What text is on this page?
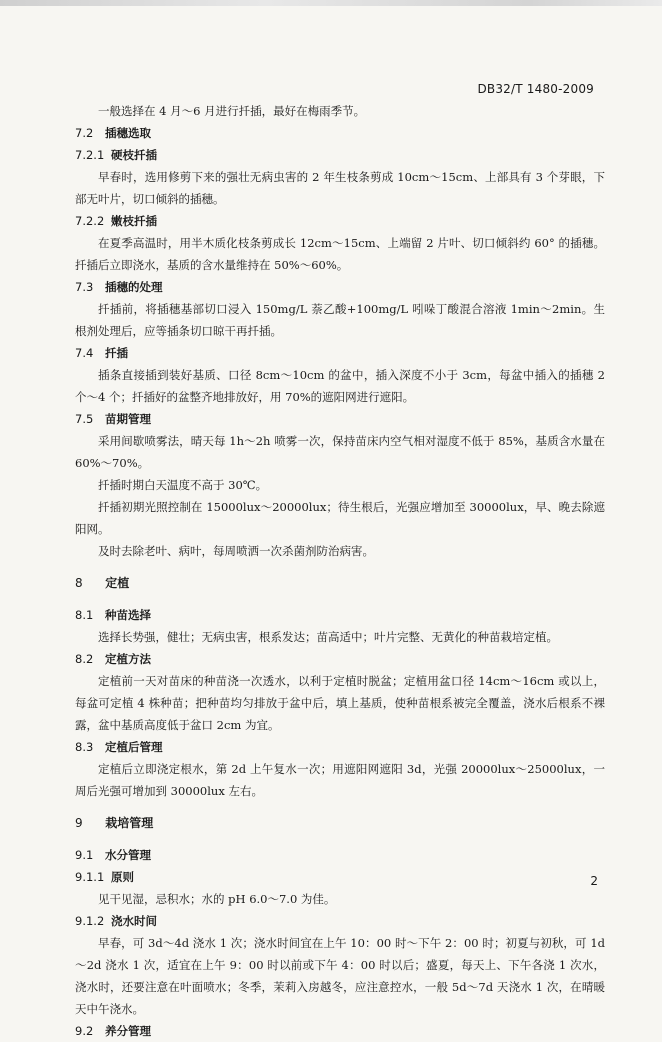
DB32/T 1480-2009
一般选择在 4 月～6 月进行扦插，最好在梅雨季节。
7.2 插穗选取
7.2.1 硬枝扦插
早春时，选用修剪下来的强壮无病虫害的 2 年生枝条剪成 10cm～15cm、上部具有 3 个芽眼，下部无叶片，切口倾斜的插穗。
7.2.2 嫩枝扦插
在夏季高温时，用半木质化枝条剪成长 12cm～15cm、上端留 2 片叶、切口倾斜约 60° 的插穗。扦插后立即浇水，基质的含水量维持在 50%～60%。
7.3 插穗的处理
扦插前，将插穗基部切口浸入 150mg/L 萘乙酸+100mg/L 吲哚丁酸混合溶液 1min～2min。生根剂处理后，应等插条切口晾干再扦插。
7.4 扦插
插条直接插到装好基质、口径 8cm～10cm 的盆中，插入深度不小于 3cm，每盆中插入的插穗 2 个～4 个；扦插好的盆整齐地排放好，用 70%的遮阳网进行遮阳。
7.5 苗期管理
采用间歇喷雾法，晴天每 1h～2h 喷雾一次，保持苗床内空气相对湿度不低于 85%，基质含水量在 60%～70%。
扦插时期白天温度不高于 30℃。
扦插初期光照控制在 15000lux～20000lux；待生根后，光强应增加至 30000lux，早、晚去除遮阳网。
及时去除老叶、病叶，每周喷洒一次杀菌剂防治病害。
8 定植
8.1 种苗选择
选择长势强，健壮；无病虫害，根系发达；苗高适中；叶片完整、无黄化的种苗栽培定植。
8.2 定植方法
定植前一天对苗床的种苗浇一次透水，以利于定植时脱盆；定植用盆口径 14cm～16cm 或以上，每盆可定植 4 株种苗；把种苗均匀排放于盆中后，填上基质，使种苗根系被完全覆盖，浇水后根系不裸露，盆中基质高度低于盆口 2cm 为宜。
8.3 定植后管理
定植后立即浇定根水，第 2d 上午复水一次；用遮阳网遮阳 3d，光强 20000lux～25000lux，一周后光强可增加到 30000lux 左右。
9 栽培管理
9.1 水分管理
9.1.1 原则
见干见湿，忌积水；水的 pH 6.0～7.0 为佳。
9.1.2 浇水时间
早春，可 3d～4d 浇水 1 次；浇水时间宜在上午 10：00 时～下午 2：00 时；初夏与初秋，可 1d～2d 浇水 1 次，适宜在上午 9：00 时以前或下午 4：00 时以后；盛夏，每天上、下午各浇 1 次水，浇水时，还要注意在叶面喷水；冬季，茉莉入房越冬，应注意控水，一般 5d～7d 天浇水 1 次，在晴暖天中午浇水。
9.2 养分管理
2
